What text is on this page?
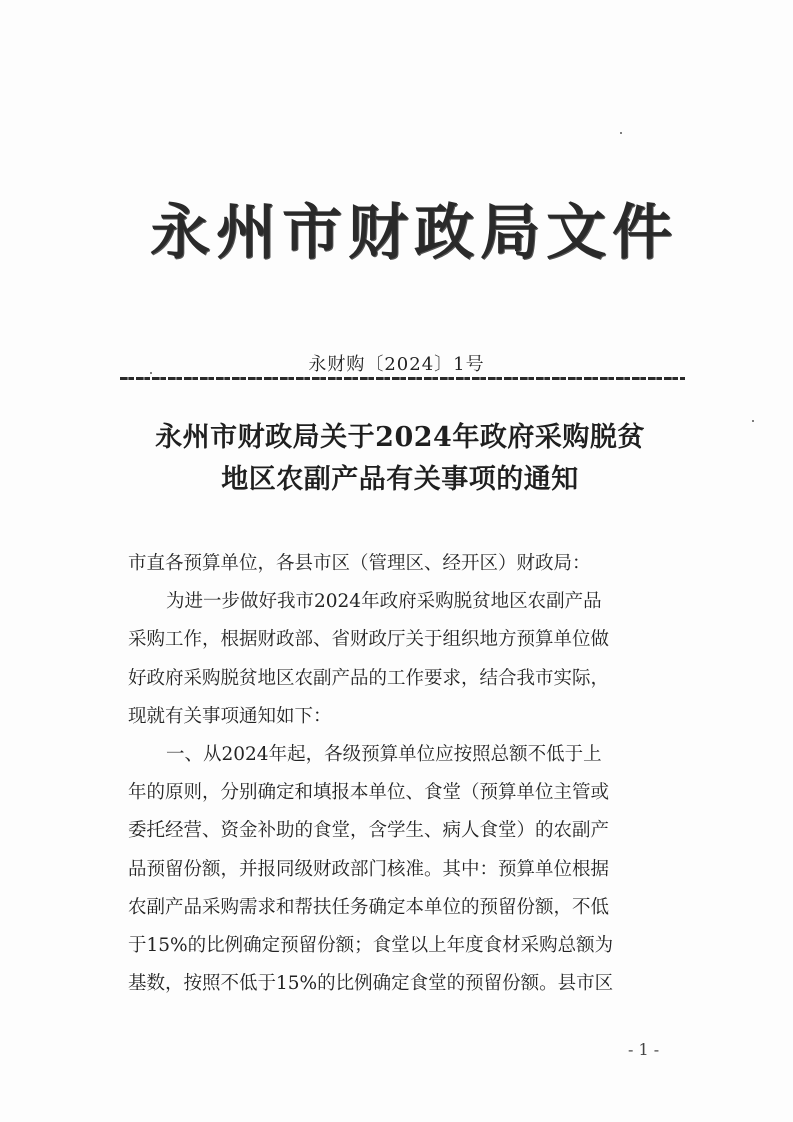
永州市财政局文件
永财购〔2024〕1号
永州市财政局关于2024年政府采购脱贫
地区农副产品有关事项的通知
市直各预算单位，各县市区（管理区、经开区）财政局：
为进一步做好我市2024年政府采购脱贫地区农副产品
采购工作，根据财政部、省财政厅关于组织地方预算单位做
好政府采购脱贫地区农副产品的工作要求，结合我市实际，
现就有关事项通知如下：
一、从2024年起，各级预算单位应按照总额不低于上
年的原则，分别确定和填报本单位、食堂（预算单位主管或
委托经营、资金补助的食堂，含学生、病人食堂）的农副产
品预留份额，并报同级财政部门核准。其中：预算单位根据
农副产品采购需求和帮扶任务确定本单位的预留份额，不低
于15%的比例确定预留份额；食堂以上年度食材采购总额为
基数，按照不低于15%的比例确定食堂的预留份额。县市区
- 1 -
